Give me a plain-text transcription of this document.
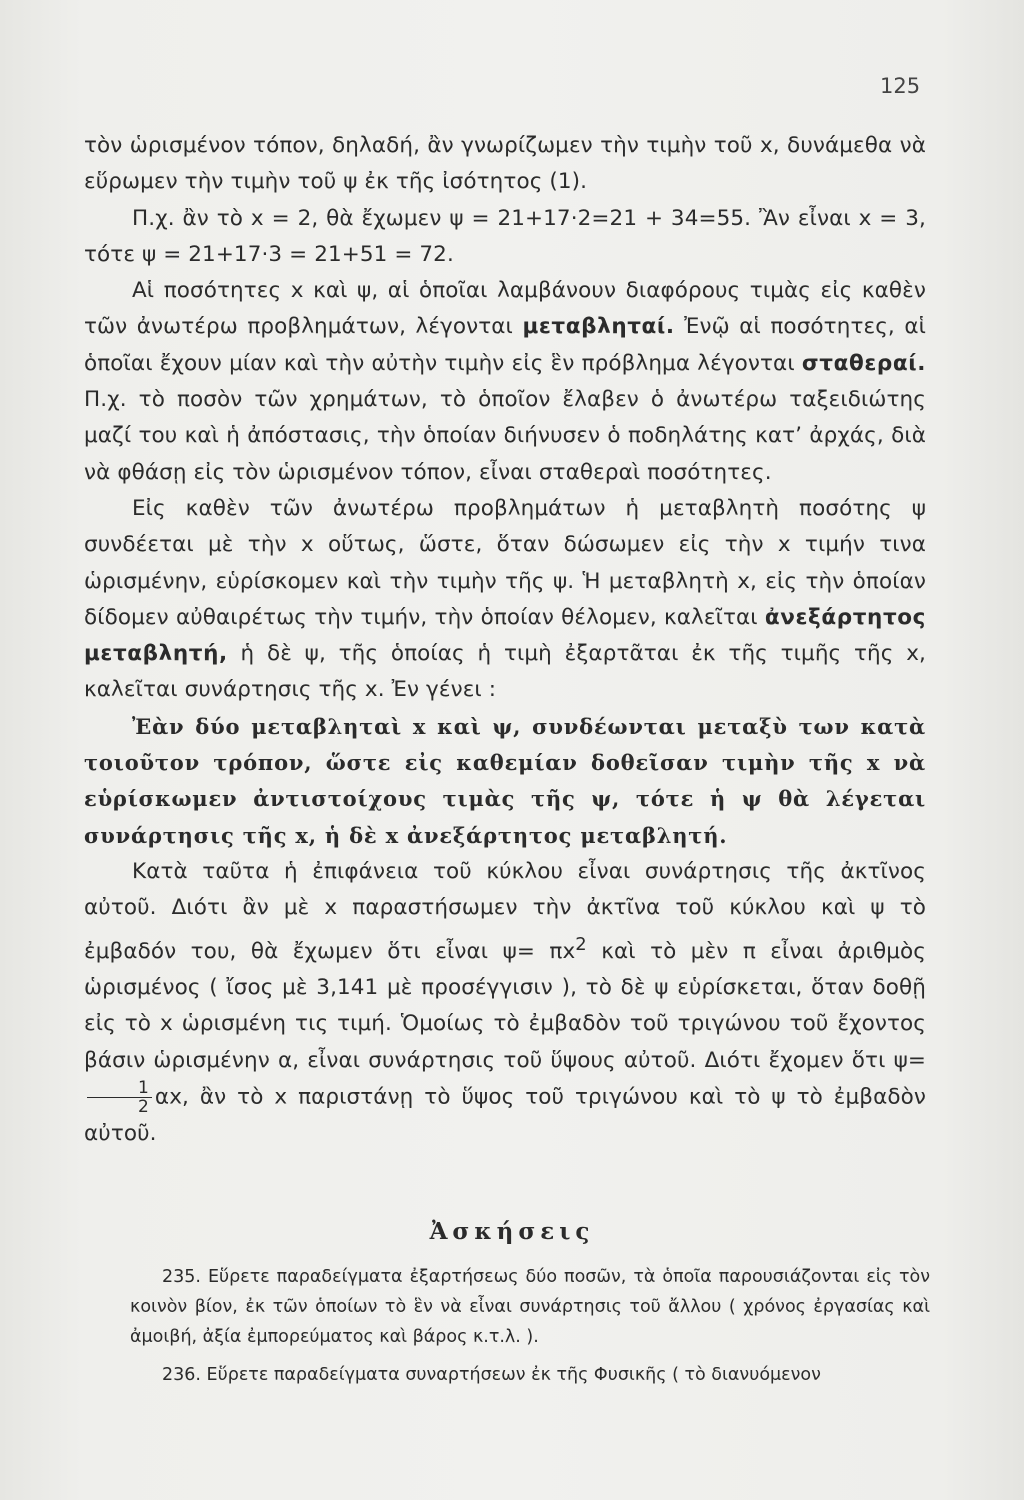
125

τὸν ὡρισμένον τόπον, δηλαδή, ἂν γνωρίζωμεν τὴν τιμὴν τοῦ x, δυνάμεθα νὰ εὕρωμεν τὴν τιμὴν τοῦ ψ ἐκ τῆς ἰσότητος (1).

Π.χ. ἂν τὸ x = 2, θὰ ἔχωμεν ψ = 21+17·2=21 + 34=55. Ἂν εἶναι x = 3, τότε ψ = 21+17·3 = 21+51 = 72.

Αἱ ποσότητες x καὶ ψ, αἱ ὁποῖαι λαμβάνουν διαφόρους τιμὰς εἰς καθὲν τῶν ἀνωτέρω προβλημάτων, λέγονται μεταβληταί. Ἐνῷ αἱ ποσότητες, αἱ ὁποῖαι ἔχουν μίαν καὶ τὴν αὐτὴν τιμὴν εἰς ἓν πρόβλημα λέγονται σταθεραί. Π.χ. τὸ ποσὸν τῶν χρημάτων, τὸ ὁποῖον ἔλαβεν ὁ ἀνωτέρω ταξειδιώτης μαζί του καὶ ἡ ἀπόστασις, τὴν ὁποίαν διήνυσεν ὁ ποδηλάτης κατ’ ἀρχάς, διὰ νὰ φθάσῃ εἰς τὸν ὡρισμένον τόπον, εἶναι σταθεραὶ ποσότητες.

Εἰς καθὲν τῶν ἀνωτέρω προβλημάτων ἡ μεταβλητὴ ποσότης ψ συνδέεται μὲ τὴν x οὕτως, ὥστε, ὅταν δώσωμεν εἰς τὴν x τιμήν τινα ὡρισμένην, εὑρίσκομεν καὶ τὴν τιμὴν τῆς ψ. Ἡ μεταβλητὴ x, εἰς τὴν ὁποίαν δίδομεν αὐθαιρέτως τὴν τιμήν, τὴν ὁποίαν θέλομεν, καλεῖται ἀνεξάρτητος μεταβλητή, ἡ δὲ ψ, τῆς ὁποίας ἡ τιμὴ ἐξαρτᾶται ἐκ τῆς τιμῆς τῆς x, καλεῖται συνάρτησις τῆς x. Ἐν γένει :

Ἐὰν δύο μεταβληταὶ x καὶ ψ, συνδέωνται μεταξὺ των κατὰ τοιοῦτον τρόπον, ὥστε εἰς καθεμίαν δοθεῖσαν τιμὴν τῆς x νὰ εὑρίσκωμεν ἀντιστοίχους τιμὰς τῆς ψ, τότε ἡ ψ θὰ λέγεται συνάρτησις τῆς x, ἡ δὲ x ἀνεξάρτητος μεταβλητή.

Κατὰ ταῦτα ἡ ἐπιφάνεια τοῦ κύκλου εἶναι συνάρτησις τῆς ἀκτῖνος αὐτοῦ. Διότι ἂν μὲ x παραστήσωμεν τὴν ἀκτῖνα τοῦ κύκλου καὶ ψ τὸ ἐμβαδόν του, θὰ ἔχωμεν ὅτι εἶναι $\psi= \pi x^2$ καὶ τὸ μὲν π εἶναι ἀριθμὸς ὡρισμένος ( ἴσος μὲ 3,141 μὲ προσέγγισιν ), τὸ δὲ ψ εὑρίσκεται, ὅταν δοθῇ εἰς τὸ x ὡρισμένη τις τιμή. Ὁμοίως τὸ ἐμβαδὸν τοῦ τριγώνου τοῦ ἔχοντος βάσιν ὡρισμένην α, εἶναι συνάρτησις τοῦ ὕψους αὐτοῦ. Διότι ἔχομεν ὅτι ψ=
$\frac{1}{2} \alpha x$, ἂν τὸ x παριστάνῃ τὸ ὕψος τοῦ τριγώνου καὶ τὸ ψ τὸ ἐμβαδὸν αὐτοῦ.

Ἀσκήσεις

235. Εὕρετε παραδείγματα ἐξαρτήσεως δύο ποσῶν, τὰ ὁποῖα παρουσιάζονται εἰς τὸν κοινὸν βίον, ἐκ τῶν ὁποίων τὸ ἓν νὰ εἶναι συνάρτησις τοῦ ἄλλου ( χρόνος ἐργασίας καὶ ἀμοιβή, ἀξία ἐμπορεύματος καὶ βάρος κ.τ.λ. ).

236. Εὕρετε παραδείγματα συναρτήσεων ἐκ τῆς Φυσικῆς ( τὸ διανυόμενον
